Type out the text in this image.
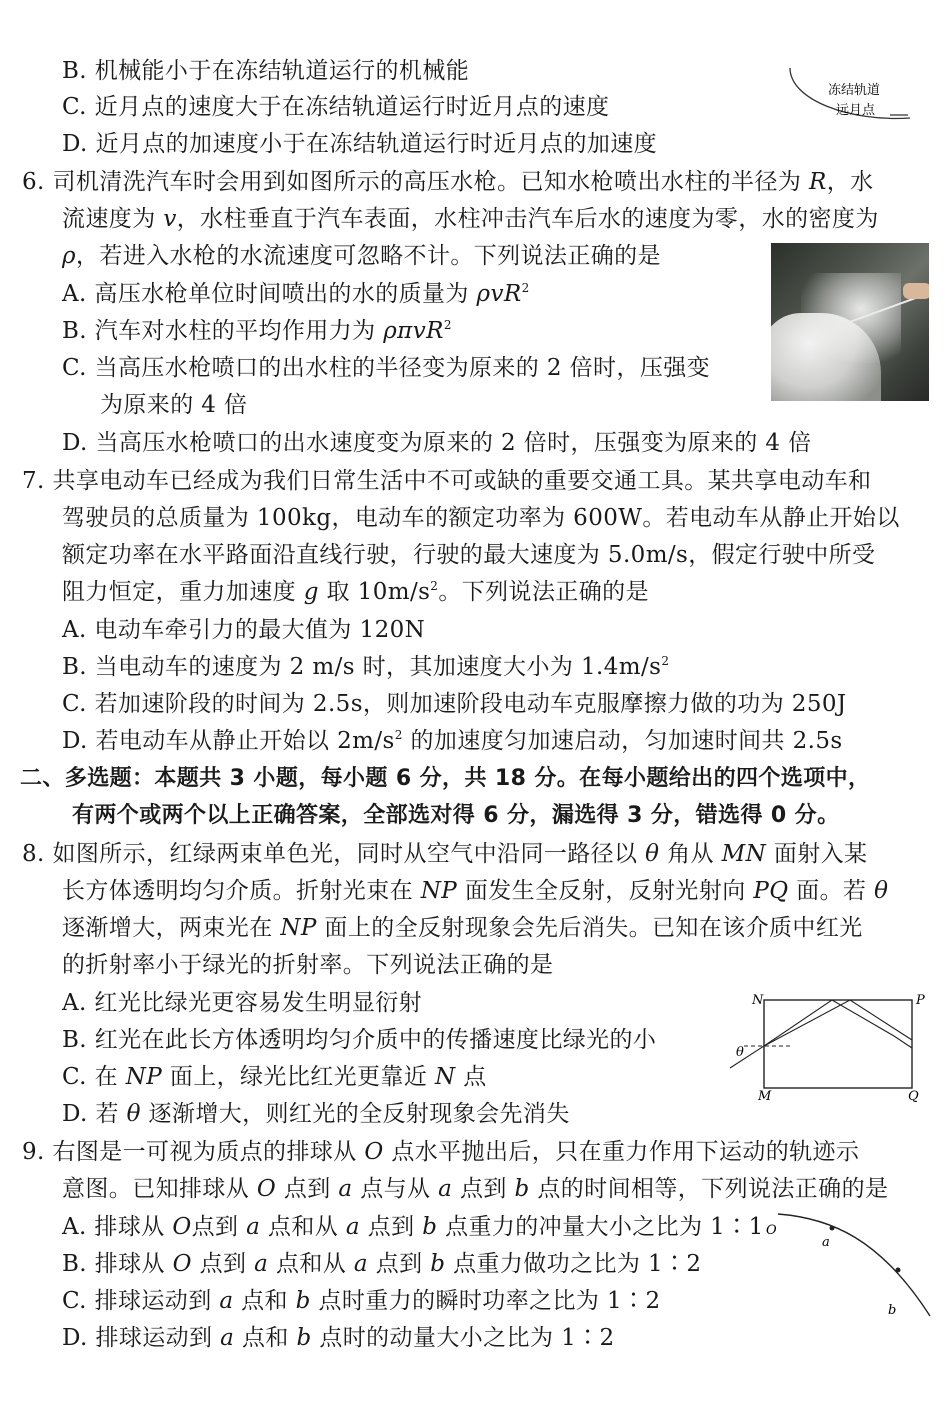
B. 机械能小于在冻结轨道运行的机械能
C. 近月点的速度大于在冻结轨道运行时近月点的速度
D. 近月点的加速度小于在冻结轨道运行时近月点的加速度
6. 司机清洗汽车时会用到如图所示的高压水枪。已知水枪喷出水柱的半径为 R，水
流速度为 v，水柱垂直于汽车表面，水柱冲击汽车后水的速度为零，水的密度为
ρ，若进入水枪的水流速度可忽略不计。下列说法正确的是
A. 高压水枪单位时间喷出的水的质量为 ρvR$^2$
B. 汽车对水柱的平均作用力为 ρπvR$^2$
C. 当高压水枪喷口的出水柱的半径变为原来的 2 倍时，压强变
为原来的 4 倍
D. 当高压水枪喷口的出水速度变为原来的 2 倍时，压强变为原来的 4 倍
7. 共享电动车已经成为我们日常生活中不可或缺的重要交通工具。某共享电动车和
驾驶员的总质量为 100kg，电动车的额定功率为 600W。若电动车从静止开始以
额定功率在水平路面沿直线行驶，行驶的最大速度为 5.0m/s，假定行驶中所受
阻力恒定，重力加速度 g 取 $10m/s^2$。下列说法正确的是
A. 电动车牵引力的最大值为 120N
B. 当电动车的速度为 2 m/s 时，其加速度大小为 $1.4m/s^2$
C. 若加速阶段的时间为 2.5s，则加速阶段电动车克服摩擦力做的功为 250J
D. 若电动车从静止开始以 $2m/s^2$ 的加速度匀加速启动，匀加速时间共 2.5s
二、多选题：本题共 3 小题，每小题 6 分，共 18 分。在每小题给出的四个选项中，
有两个或两个以上正确答案，全部选对得 6 分，漏选得 3 分，错选得 0 分。
8. 如图所示，红绿两束单色光，同时从空气中沿同一路径以 θ 角从 MN 面射入某
长方体透明均匀介质。折射光束在 NP 面发生全反射，反射光射向 PQ 面。若 θ
逐渐增大，两束光在 NP 面上的全反射现象会先后消失。已知在该介质中红光
的折射率小于绿光的折射率。下列说法正确的是
A. 红光比绿光更容易发生明显衍射
B. 红光在此长方体透明均匀介质中的传播速度比绿光的小
C. 在 NP 面上，绿光比红光更靠近 N 点
D. 若 θ 逐渐增大，则红光的全反射现象会先消失
9. 右图是一可视为质点的排球从 O 点水平抛出后，只在重力作用下运动的轨迹示
意图。已知排球从 O 点到 a 点与从 a 点到 b 点的时间相等，下列说法正确的是
A. 排球从 O点到 a 点和从 a 点到 b 点重力的冲量大小之比为 1∶1
B. 排球从 O 点到 a 点和从 a 点到 b 点重力做功之比为 1∶2
C. 排球运动到 a 点和 b 点时重力的瞬时功率之比为 1∶2
D. 排球运动到 a 点和 b 点时的动量大小之比为 1∶2
冻结轨道
远月点
N	P
M	Q
θ
O
a
b
